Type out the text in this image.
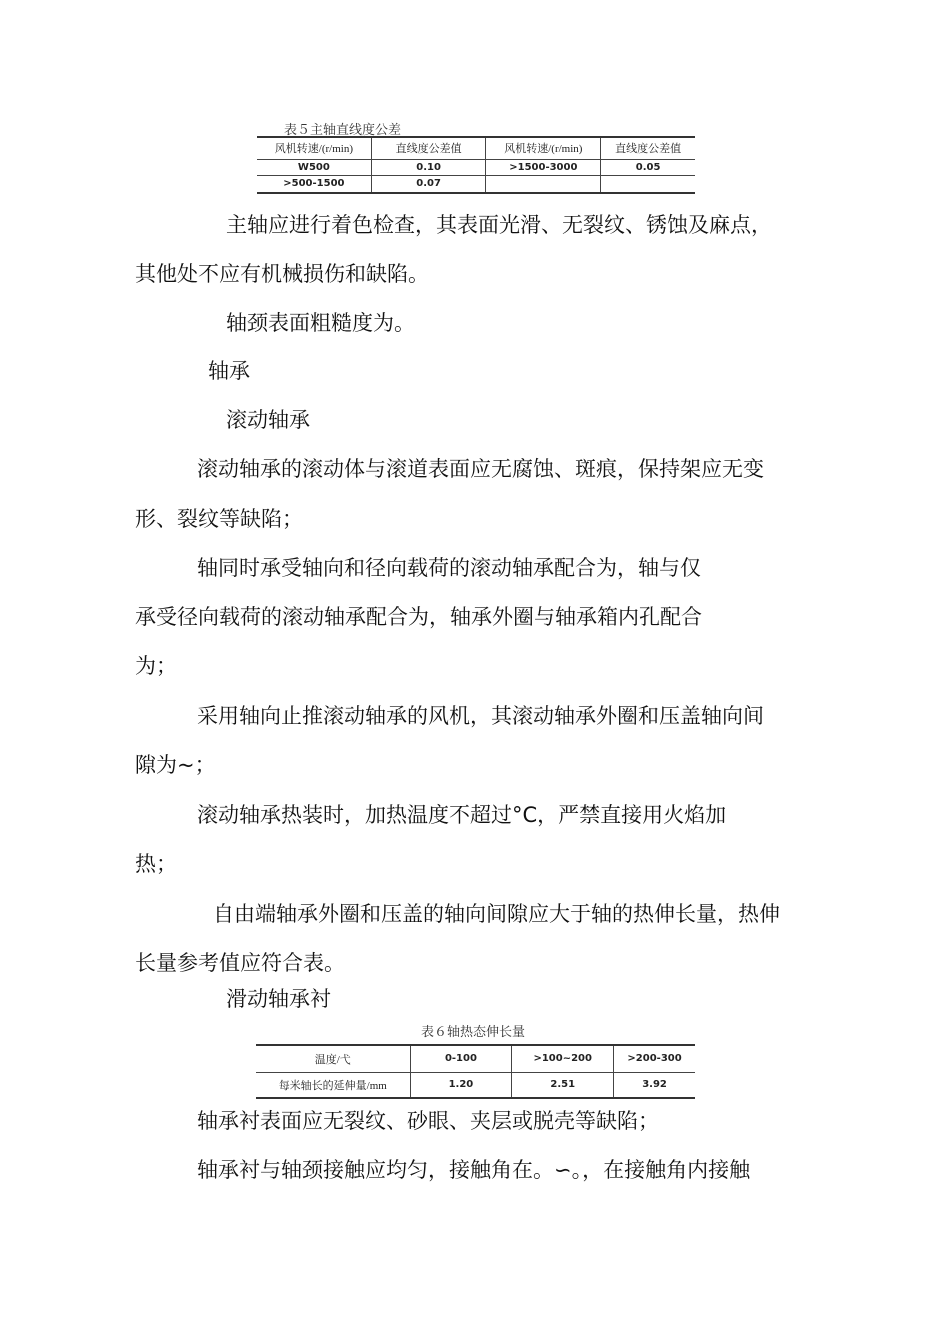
表５主轴直线度公差
风机转速/(r/min)	直线度公差值	风机转速/(r/min)	直线度公差值
W500	0.10	>1500-3000	0.05
>500-1500	0.07		
主轴应进行着色检查，其表面光滑、无裂纹、锈蚀及麻点，
其他处不应有机械损伤和缺陷。
轴颈表面粗糙度为。
轴承
滚动轴承
滚动轴承的滚动体与滚道表面应无腐蚀、斑痕，保持架应无变
形、裂纹等缺陷；
轴同时承受轴向和径向载荷的滚动轴承配合为，轴与仅
承受径向载荷的滚动轴承配合为，轴承外圈与轴承箱内孔配合
为；
采用轴向止推滚动轴承的风机，其滚动轴承外圈和压盖轴向间
隙为~；
滚动轴承热装时，加热温度不超过°C，严禁直接用火焰加
热；
自由端轴承外圈和压盖的轴向间隙应大于轴的热伸长量，热伸
长量参考值应符合表。
滑动轴承衬
表６轴热态伸长量
温度/弋	0-100	>100~200	>200-300
每米轴长的延伸量/mm	1.20	2.51	3.92
轴承衬表面应无裂纹、砂眼、夹层或脱壳等缺陷；
轴承衬与轴颈接触应均匀，接触角在。∽。，在接触角内接触
